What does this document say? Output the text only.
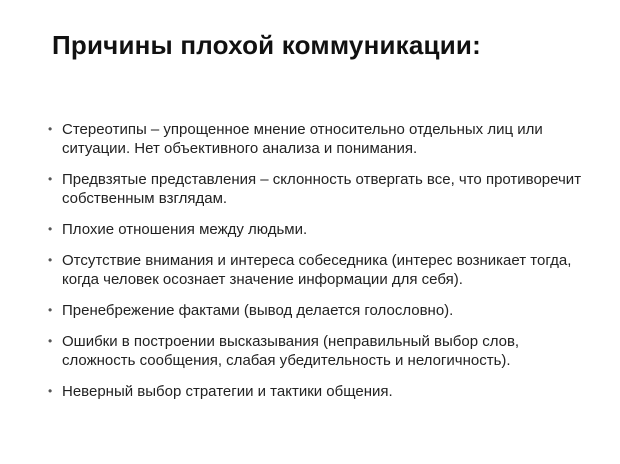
Причины плохой коммуникации:
• Стереотипы – упрощенное мнение относительно отдельных лиц или ситуации. Нет объективного анализа и понимания.
• Предвзятые представления – склонность отвергать все, что противоречит собственным взглядам.
• Плохие отношения между людьми.
• Отсутствие внимания и интереса собеседника (интерес возникает тогда, когда человек осознает значение информации для себя).
• Пренебрежение фактами (вывод делается голословно).
• Ошибки в построении высказывания (неправильный выбор слов, сложность сообщения, слабая убедительность и нелогичность).
• Неверный выбор стратегии и тактики общения.
